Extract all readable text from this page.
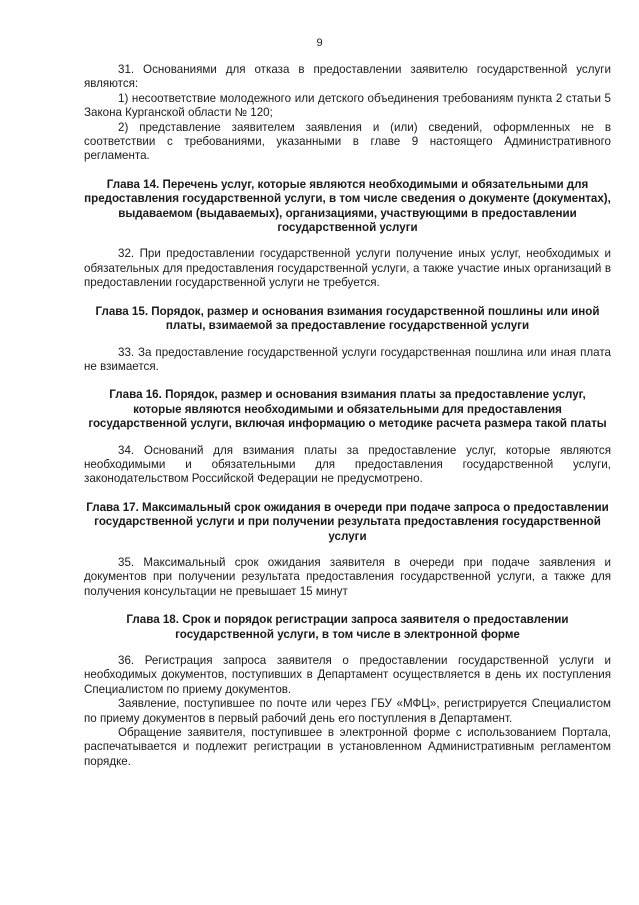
9

31. Основаниями для отказа в предоставлении заявителю государственной услуги являются:

1) несоответствие молодежного или детского объединения требованиям пункта 2 статьи 5 Закона Курганской области № 120;

2) представление заявителем заявления и (или) сведений, оформленных не в соответствии с требованиями, указанными в главе 9 настоящего Административного регламента.

Глава 14. Перечень услуг, которые являются необходимыми и обязательными для предоставления государственной услуги, в том числе сведения о документе (документах), выдаваемом (выдаваемых), организациями, участвующими в предоставлении государственной услуги

32. При предоставлении государственной услуги получение иных услуг, необходимых и обязательных для предоставления государственной услуги, а также участие иных организаций в предоставлении государственной услуги не требуется.

Глава 15. Порядок, размер и основания взимания государственной пошлины или иной платы, взимаемой за предоставление государственной услуги

33. За предоставление государственной услуги государственная пошлина или иная плата не взимается.

Глава 16. Порядок, размер и основания взимания платы за предоставление услуг, которые являются необходимыми и обязательными для предоставления государственной услуги, включая информацию о методике расчета размера такой платы

34. Оснований для взимания платы за предоставление услуг, которые являются необходимыми и обязательными для предоставления государственной услуги, законодательством Российской Федерации не предусмотрено.

Глава 17. Максимальный срок ожидания в очереди при подаче запроса о предоставлении государственной услуги и при получении результата предоставления государственной услуги

35. Максимальный срок ожидания заявителя в очереди при подаче заявления и документов при получении результата предоставления государственной услуги, а также для получения консультации не превышает 15 минут

Глава 18. Срок и порядок регистрации запроса заявителя о предоставлении государственной услуги, в том числе в электронной форме

36. Регистрация запроса заявителя о предоставлении государственной услуги и необходимых документов, поступивших в Департамент осуществляется в день их поступления Специалистом по приему документов.

Заявление, поступившее по почте или через ГБУ «МФЦ», регистрируется Специалистом по приему документов в первый рабочий день его поступления в Департамент.

Обращение заявителя, поступившее в электронной форме с использованием Портала, распечатывается и подлежит регистрации в установленном Административным регламентом порядке.
